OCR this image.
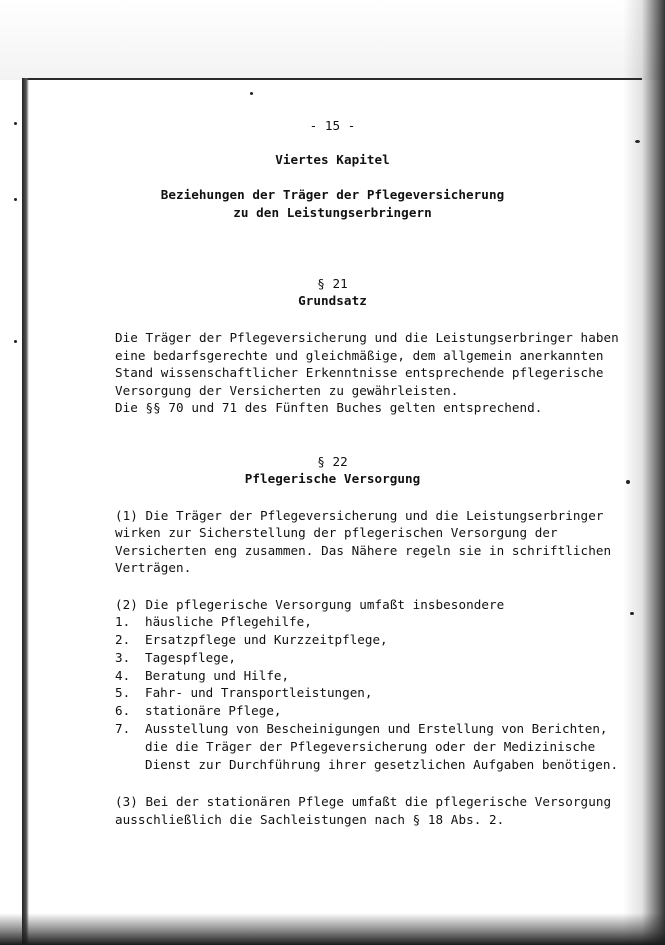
- 15 -
Viertes Kapitel
Beziehungen der Träger der Pflegeversicherung
zu den Leistungserbringern
§ 21
Grundsatz
Die Träger der Pflegeversicherung und die Leistungserbringer haben
eine bedarfsgerechte und gleichmäßige, dem allgemein anerkannten
Stand wissenschaftlicher Erkenntnisse entsprechende pflegerische
Versorgung der Versicherten zu gewährleisten.
Die §§ 70 und 71 des Fünften Buches gelten entsprechend.
§ 22
Pflegerische Versorgung
(1) Die Träger der Pflegeversicherung und die Leistungserbringer
wirken zur Sicherstellung der pflegerischen Versorgung der
Versicherten eng zusammen. Das Nähere regeln sie in schriftlichen
Verträgen.
(2) Die pflegerische Versorgung umfaßt insbesondere
1. häusliche Pflegehilfe,
2. Ersatzpflege und Kurzzeitpflege,
3. Tagespflege,
4. Beratung und Hilfe,
5. Fahr- und Transportleistungen,
6. stationäre Pflege,
7. Ausstellung von Bescheinigungen und Erstellung von Berichten,
die die Träger der Pflegeversicherung oder der Medizinische
Dienst zur Durchführung ihrer gesetzlichen Aufgaben benötigen.
(3) Bei der stationären Pflege umfaßt die pflegerische Versorgung
ausschließlich die Sachleistungen nach § 18 Abs. 2.
